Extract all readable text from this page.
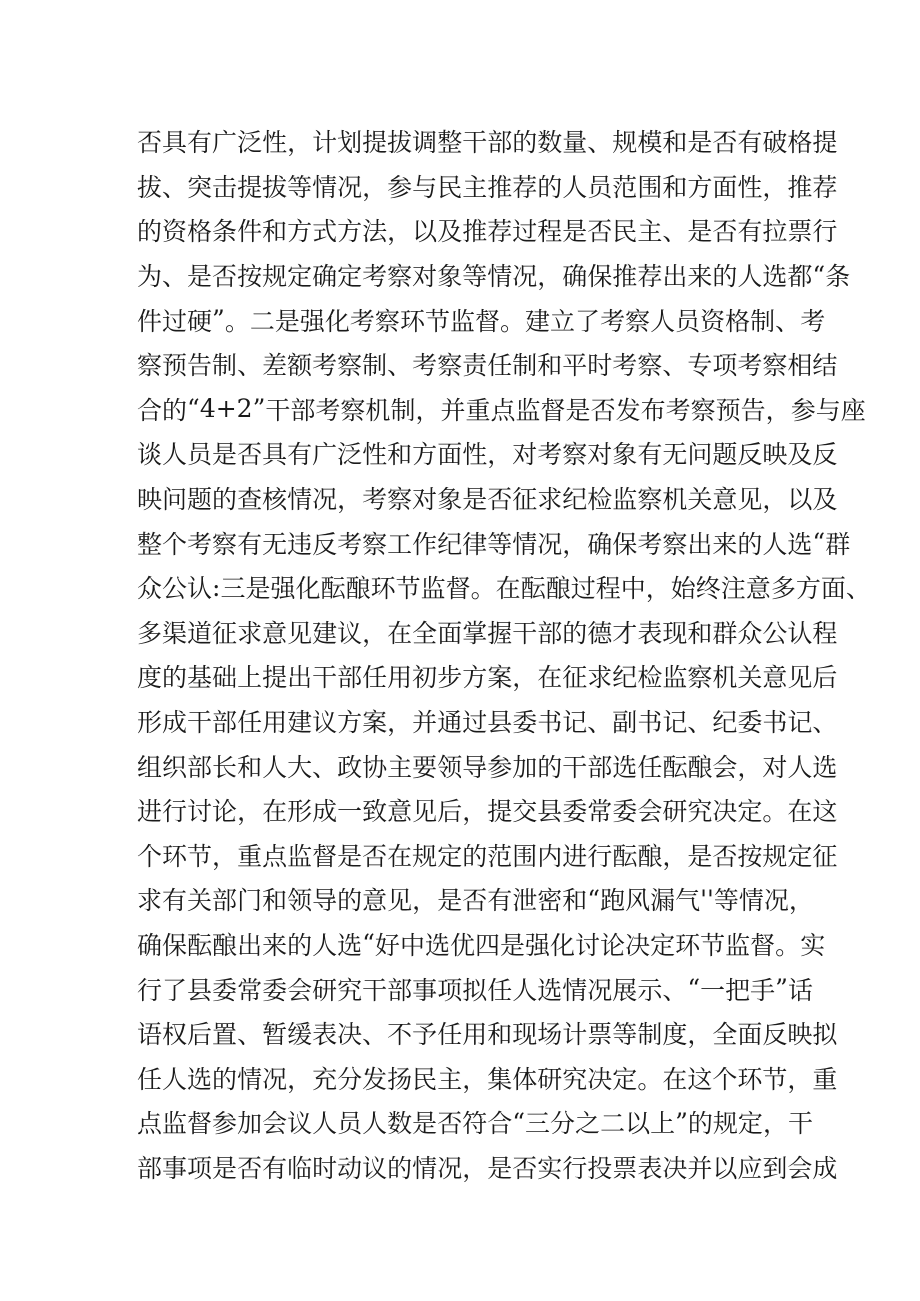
否 具 有 广 泛 性 ， 计 划 提 拔 调 整 干 部 的 数 量 、 规 模 和 是 否 有 破 格 提
拔 、 突 击 提 拔 等 情 况 ， 参 与 民 主 推 荐 的 人 员 范 围 和 方 面 性 ， 推 荐
的 资 格 条 件 和 方 式 方 法 ， 以 及 推 荐 过 程 是 否 民 主 、 是 否 有 拉 票 行
为 、 是 否 按 规 定 确 定 考 察 对 象 等 情 况 ， 确 保 推 荐 出 来 的 人 选 都 “ 条
件 过 硬 ” 。 二 是 强 化 考 察 环 节 监 督 。 建 立 了 考 察 人 员 资 格 制 、 考
察 预 告 制 、 差 额 考 察 制 、 考 察 责 任 制 和 平 时 考 察 、 专 项 考 察 相 结
合 的 “ 4+2 ” 干 部 考 察 机 制 ， 并 重 点 监 督 是 否 发 布 考 察 预 告 ， 参 与 座
谈 人 员 是 否 具 有 广 泛 性 和 方 面 性 ， 对 考 察 对 象 有 无 问 题 反 映 及 反
映 问 题 的 查 核 情 况 ， 考 察 对 象 是 否 征 求 纪 检 监 察 机 关 意 见 ， 以 及
整 个 考 察 有 无 违 反 考 察 工 作 纪 律 等 情 况 ， 确 保 考 察 出 来 的 人 选 “ 群
众 公 认 : 三 是 强 化 酝 酿 环 节 监 督 。 在 酝 酿 过 程 中 ， 始 终 注 意 多 方 面 、
多 渠 道 征 求 意 见 建 议 ， 在 全 面 掌 握 干 部 的 德 才 表 现 和 群 众 公 认 程
度 的 基 础 上 提 出 干 部 任 用 初 步 方 案 ， 在 征 求 纪 检 监 察 机 关 意 见 后
形 成 干 部 任 用 建 议 方 案 ， 并 通 过 县 委 书 记 、 副 书 记 、 纪 委 书 记 、
组 织 部 长 和 人 大 、 政 协 主 要 领 导 参 加 的 干 部 选 任 酝 酿 会 ， 对 人 选
进 行 讨 论 ， 在 形 成 一 致 意 见 后 ， 提 交 县 委 常 委 会 研 究 决 定 。 在 这
个 环 节 ， 重 点 监 督 是 否 在 规 定 的 范 围 内 进 行 酝 酿 ， 是 否 按 规 定 征
求 有 关 部 门 和 领 导 的 意 见 ， 是 否 有 泄 密 和 “ 跑 风 漏 气 ' ' 等 情 况 ，
确 保 酝 酿 出 来 的 人 选 “ 好 中 选 优 四 是 强 化 讨 论 决 定 环 节 监 督 。 实
行 了 县 委 常 委 会 研 究 干 部 事 项 拟 任 人 选 情 况 展 示 、 “ 一 把 手 ” 话
语 权 后 置 、 暂 缓 表 决 、 不 予 任 用 和 现 场 计 票 等 制 度 ， 全 面 反 映 拟
任 人 选 的 情 况 ， 充 分 发 扬 民 主 ， 集 体 研 究 决 定 。 在 这 个 环 节 ， 重
点 监 督 参 加 会 议 人 员 人 数 是 否 符 合 “ 三 分 之 二 以 上 ” 的 规 定 ， 干
部 事 项 是 否 有 临 时 动 议 的 情 况 ， 是 否 实 行 投 票 表 决 并 以 应 到 会 成
